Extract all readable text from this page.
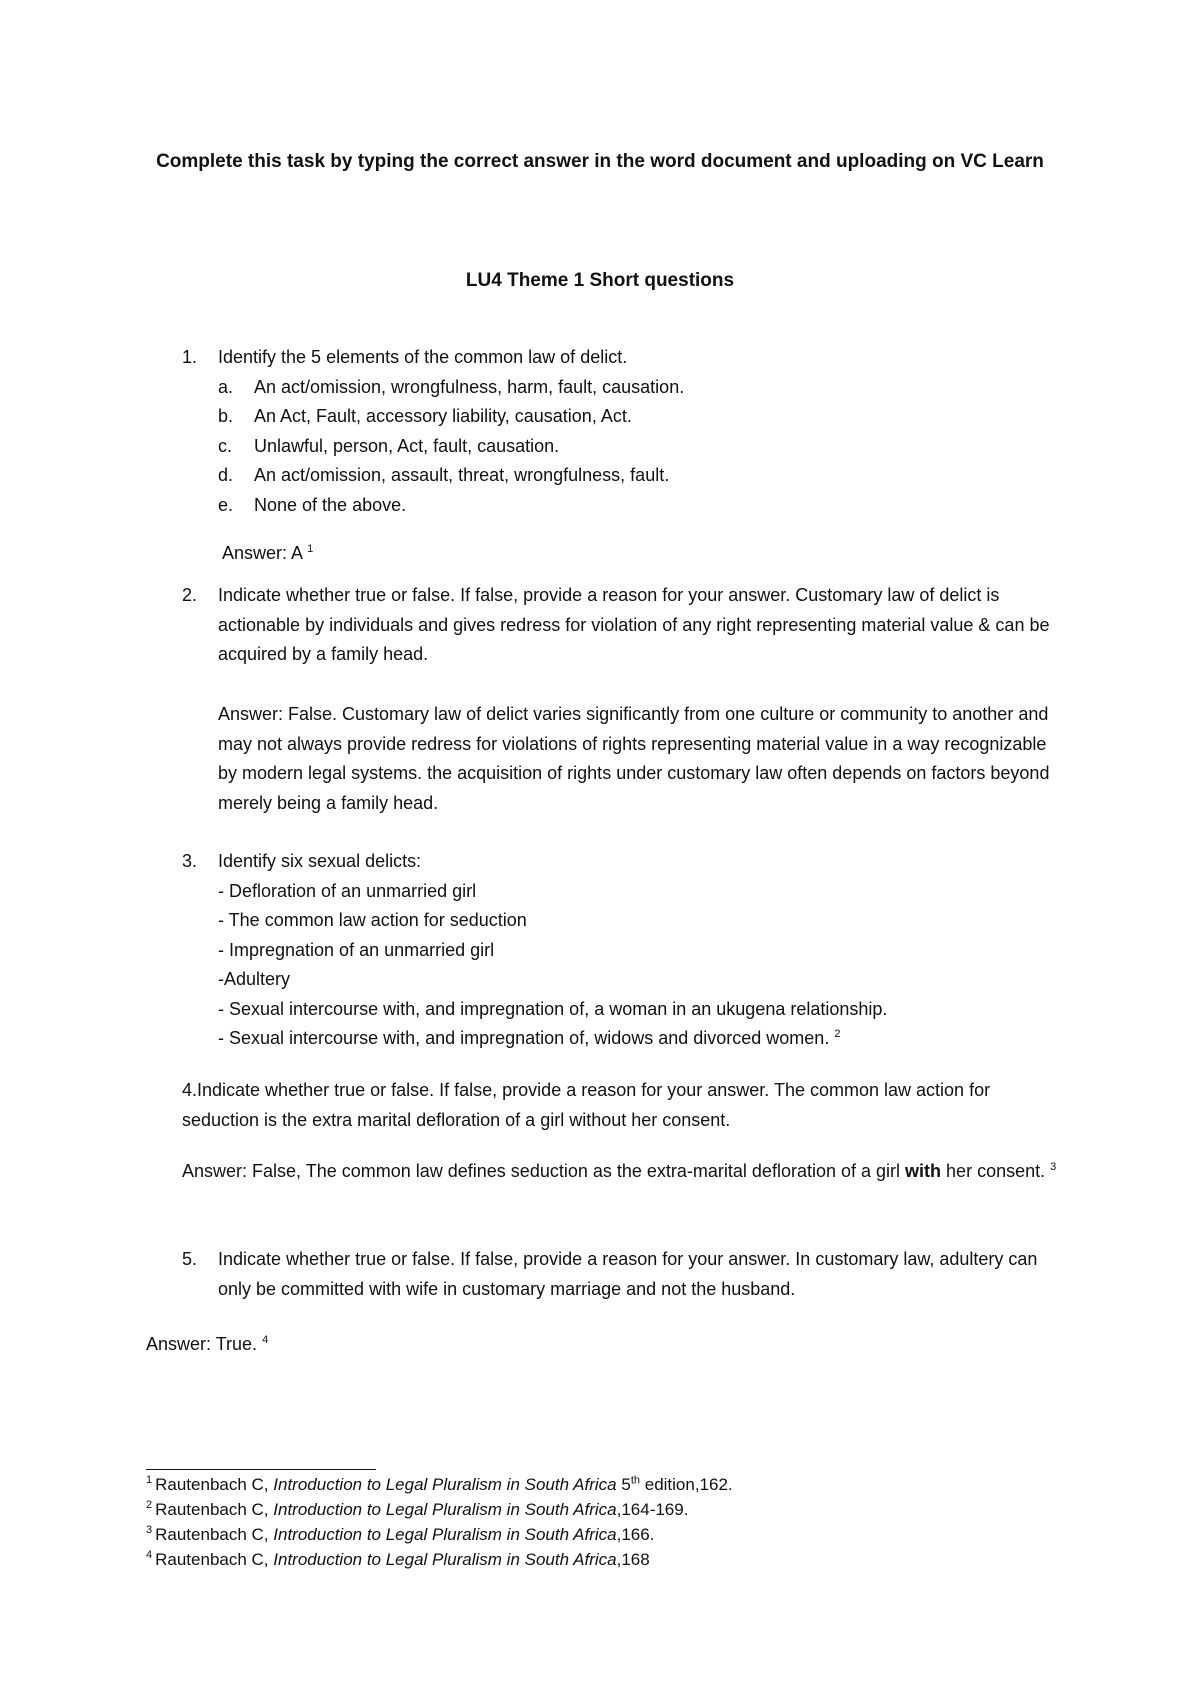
Complete this task by typing the correct answer in the word document and uploading on VC Learn
LU4 Theme 1 Short questions
1. Identify the 5 elements of the common law of delict.
a. An act/omission, wrongfulness, harm, fault, causation.
b. An Act, Fault, accessory liability, causation, Act.
c. Unlawful, person, Act, fault, causation.
d. An act/omission, assault, threat, wrongfulness, fault.
e. None of the above.
Answer: A $^1$
2. Indicate whether true or false. If false, provide a reason for your answer. Customary law of delict is actionable by individuals and gives redress for violation of any right representing material value & can be acquired by a family head.
Answer: False. Customary law of delict varies significantly from one culture or community to another and may not always provide redress for violations of rights representing material value in a way recognizable by modern legal systems. the acquisition of rights under customary law often depends on factors beyond merely being a family head.
3. Identify six sexual delicts:
- Defloration of an unmarried girl
- The common law action for seduction
- Impregnation of an unmarried girl
-Adultery
- Sexual intercourse with, and impregnation of, a woman in an ukugena relationship.
- Sexual intercourse with, and impregnation of, widows and divorced women. $^2$
4.Indicate whether true or false. If false, provide a reason for your answer. The common law action for seduction is the extra marital defloration of a girl without her consent.
Answer: False, The common law defines seduction as the extra-marital defloration of a girl with her consent. $^3$
5. Indicate whether true or false. If false, provide a reason for your answer. In customary law, adultery can only be committed with wife in customary marriage and not the husband.
Answer: True. $^4$
$^1$ Rautenbach C, Introduction to Legal Pluralism in South Africa 5th edition,162.
$^2$ Rautenbach C, Introduction to Legal Pluralism in South Africa,164-169.
$^3$ Rautenbach C, Introduction to Legal Pluralism in South Africa,166.
$^4$ Rautenbach C, Introduction to Legal Pluralism in South Africa,168
